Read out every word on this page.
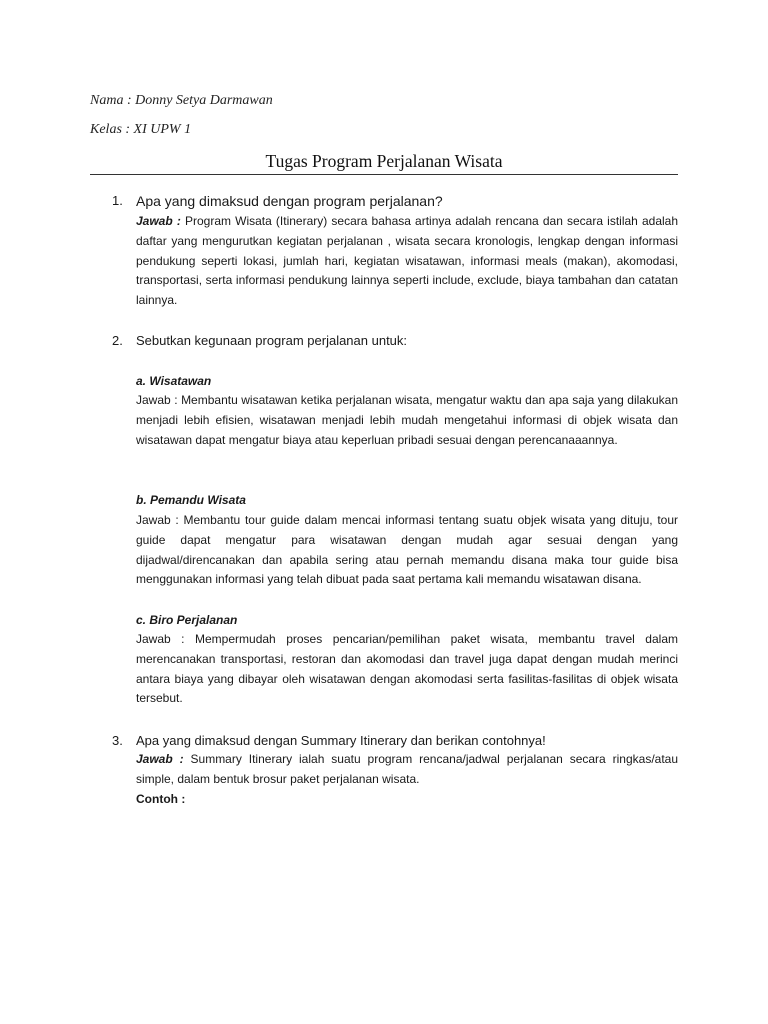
Nama : Donny Setya Darmawan
Kelas : XI UPW 1
Tugas Program Perjalanan Wisata
1. Apa yang dimaksud dengan program perjalanan?

Jawab : Program Wisata (Itinerary) secara bahasa artinya adalah rencana dan secara istilah adalah daftar yang mengurutkan kegiatan perjalanan , wisata secara kronologis, lengkap dengan informasi pendukung seperti lokasi, jumlah hari, kegiatan wisatawan, informasi meals (makan), akomodasi, transportasi, serta informasi pendukung lainnya seperti include, exclude, biaya tambahan dan catatan lainnya.

2.	Sebutkan kegunaan program perjalanan untuk:
a. Wisatawan

Jawab : Membantu wisatawan ketika perjalanan wisata, mengatur waktu dan apa saja yang dilakukan menjadi lebih efisien, wisatawan menjadi lebih mudah mengetahui informasi di objek wisata dan wisatawan dapat mengatur biaya atau keperluan pribadi sesuai dengan perencanaaannya.

b. Pemandu Wisata

Jawab : Membantu tour guide dalam mencai informasi tentang suatu objek wisata yang dituju, tour guide dapat mengatur para wisatawan dengan mudah agar sesuai dengan yang dijadwal/direncanakan dan apabila sering atau pernah memandu disana maka tour guide bisa menggunakan informasi yang telah dibuat pada saat pertama kali memandu wisatawan disana.

c. Biro Perjalanan

Jawab : Mempermudah proses pencarian/pemilihan paket wisata, membantu travel dalam merencanakan transportasi, restoran dan akomodasi dan travel juga dapat dengan mudah merinci antara biaya yang dibayar oleh wisatawan dengan akomodasi serta fasilitas-fasilitas di objek wisata tersebut.

3.	Apa yang dimaksud dengan Summary Itinerary dan berikan contohnya!

Jawab : Summary Itinerary ialah suatu program rencana/jadwal perjalanan secara ringkas/atau simple, dalam bentuk brosur paket perjalanan wisata.

Contoh :
